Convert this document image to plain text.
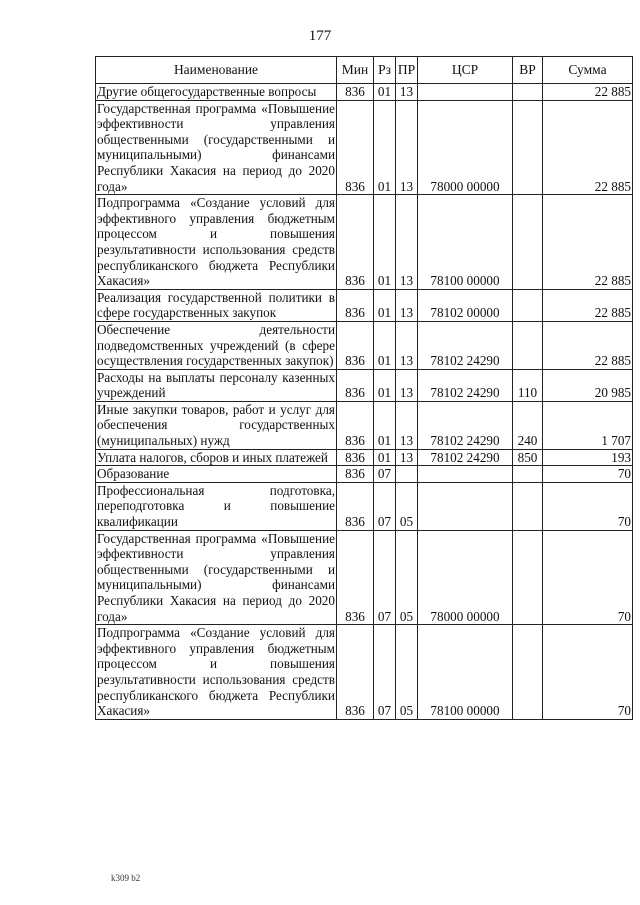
177
Наименование	Мин	Рз	ПР	ЦСР	ВР	Сумма
Другие общегосударственные вопросы	836	01	13			22 885
Государственная программа «Повышение эффективности управления общественными (государственными и муниципальными) финансами Республики Хакасия на период до 2020 года»	836	01	13	78000 00000		22 885
Подпрограмма «Создание условий для эффективного управления бюджетным процессом и повышения результативности использования средств республиканского бюджета Республики Хакасия»	836	01	13	78100 00000		22 885
Реализация государственной политики в сфере государственных закупок	836	01	13	78102 00000		22 885
Обеспечение деятельности подведомственных учреждений (в сфере осуществления государственных закупок)	836	01	13	78102 24290		22 885
Расходы на выплаты персоналу казенных учреждений	836	01	13	78102 24290	110	20 985
Иные закупки товаров, работ и услуг для обеспечения государственных (муниципальных) нужд	836	01	13	78102 24290	240	1 707
Уплата налогов, сборов и иных платежей	836	01	13	78102 24290	850	193
Образование	836	07				70
Профессиональная подготовка, переподготовка и повышение квалификации	836	07	05			70
Государственная программа «Повышение эффективности управления общественными (государственными и муниципальными) финансами Республики Хакасия на период до 2020 года»	836	07	05	78000 00000		70
Подпрограмма «Создание условий для эффективного управления бюджетным процессом и повышения результативности использования средств республиканского бюджета Республики Хакасия»	836	07	05	78100 00000		70
k309 b2
